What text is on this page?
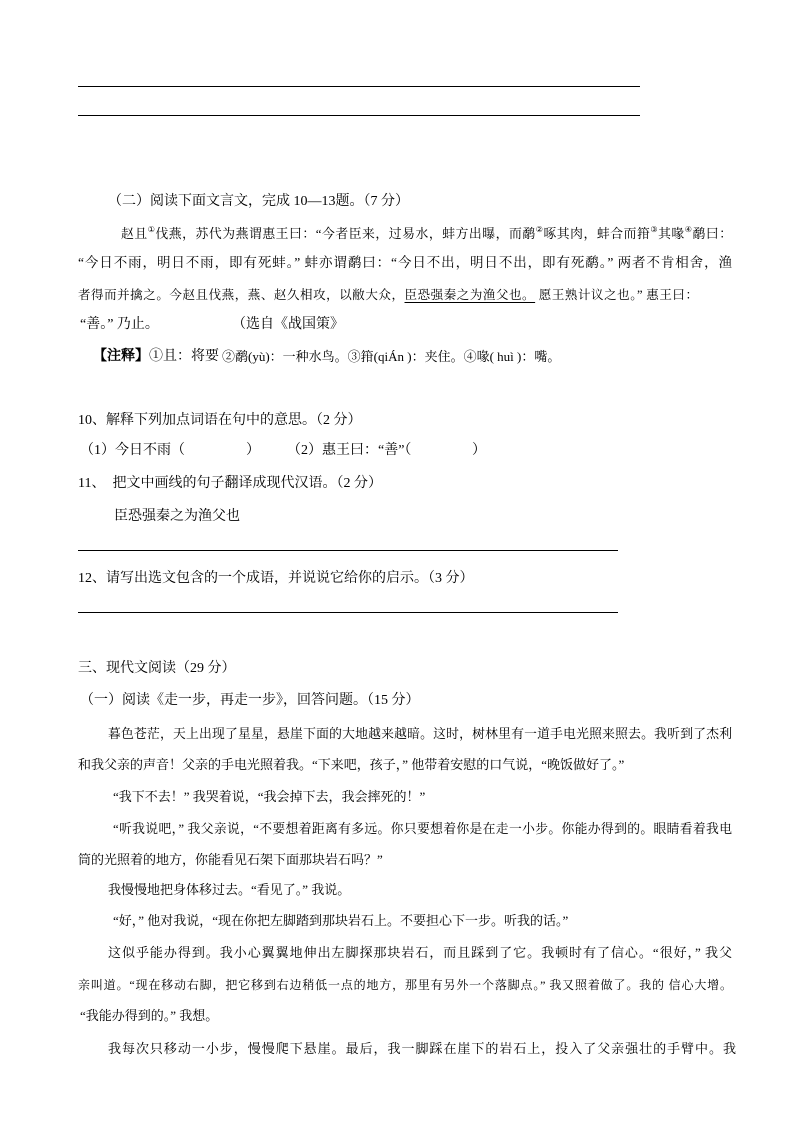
（二）阅读下面文言文，完成 10—13题。（7 分）
赵且①伐燕，苏代为燕谓惠王曰：“今者臣来，过易水，蚌方出曝，而鹬②啄其肉，蚌合而箝③其喙④鹬曰：
“今日不雨，明日不雨，即有死蚌。” 蚌亦谓鹬曰：“今日不出，明日不出，即有死鹬。” 两者不肯相舍，渔
者得而并擒之。今赵且伐燕，燕、赵久相攻，以敝大众，臣恐强秦之为渔父也。 愿王熟计议之也。” 惠王曰：
“善。” 乃止。	（选自《战国策》
【注释】①且：将要 ②鹬(yù)：一种水鸟。③箝(qiÁn )：夹住。④喙( huì )：嘴。
10、解释下列加点词语在句中的意思。（2 分）
（1）今日不雨（	） （2）惠王曰：“善”（	）
11、  把文中画线的句子翻译成现代汉语。（2 分）
臣恐强秦之为渔父也
12、请写出选文包含的一个成语，并说说它给你的启示。（3 分）
三、现代文阅读（29 分）
（一）阅读《走一步，再走一步》，回答问题。（15 分）
暮色苍茫，天上出现了星星，悬崖下面的大地越来越暗。这时，树林里有一道手电光照来照去。我听到了杰利
和我父亲的声音！父亲的手电光照着我。“下来吧，孩子，” 他带着安慰的口气说，“晚饭做好了。”
“我下不去！” 我哭着说，“我会掉下去，我会摔死的！”
“听我说吧，” 我父亲说，“不要想着距离有多远。你只要想着你是在走一小步。你能办得到的。眼睛看着我电
筒的光照着的地方，你能看见石架下面那块岩石吗？”
我慢慢地把身体移过去。“看见了。” 我说。
“好，” 他对我说，“现在你把左脚踏到那块岩石上。不要担心下一步。听我的话。”
这似乎能办得到。我小心翼翼地伸出左脚探那块岩石，而且踩到了它。我顿时有了信心。“很好，” 我父
亲叫道。“现在移动右脚，把它移到右边稍低一点的地方，那里有另外一个落脚点。” 我又照着做了。我的 信心大增。
“我能办得到的。” 我想。
我每次只移动一小步，慢慢爬下悬崖。最后，我一脚踩在崖下的岩石上，投入了父亲强壮的手臂中。我
